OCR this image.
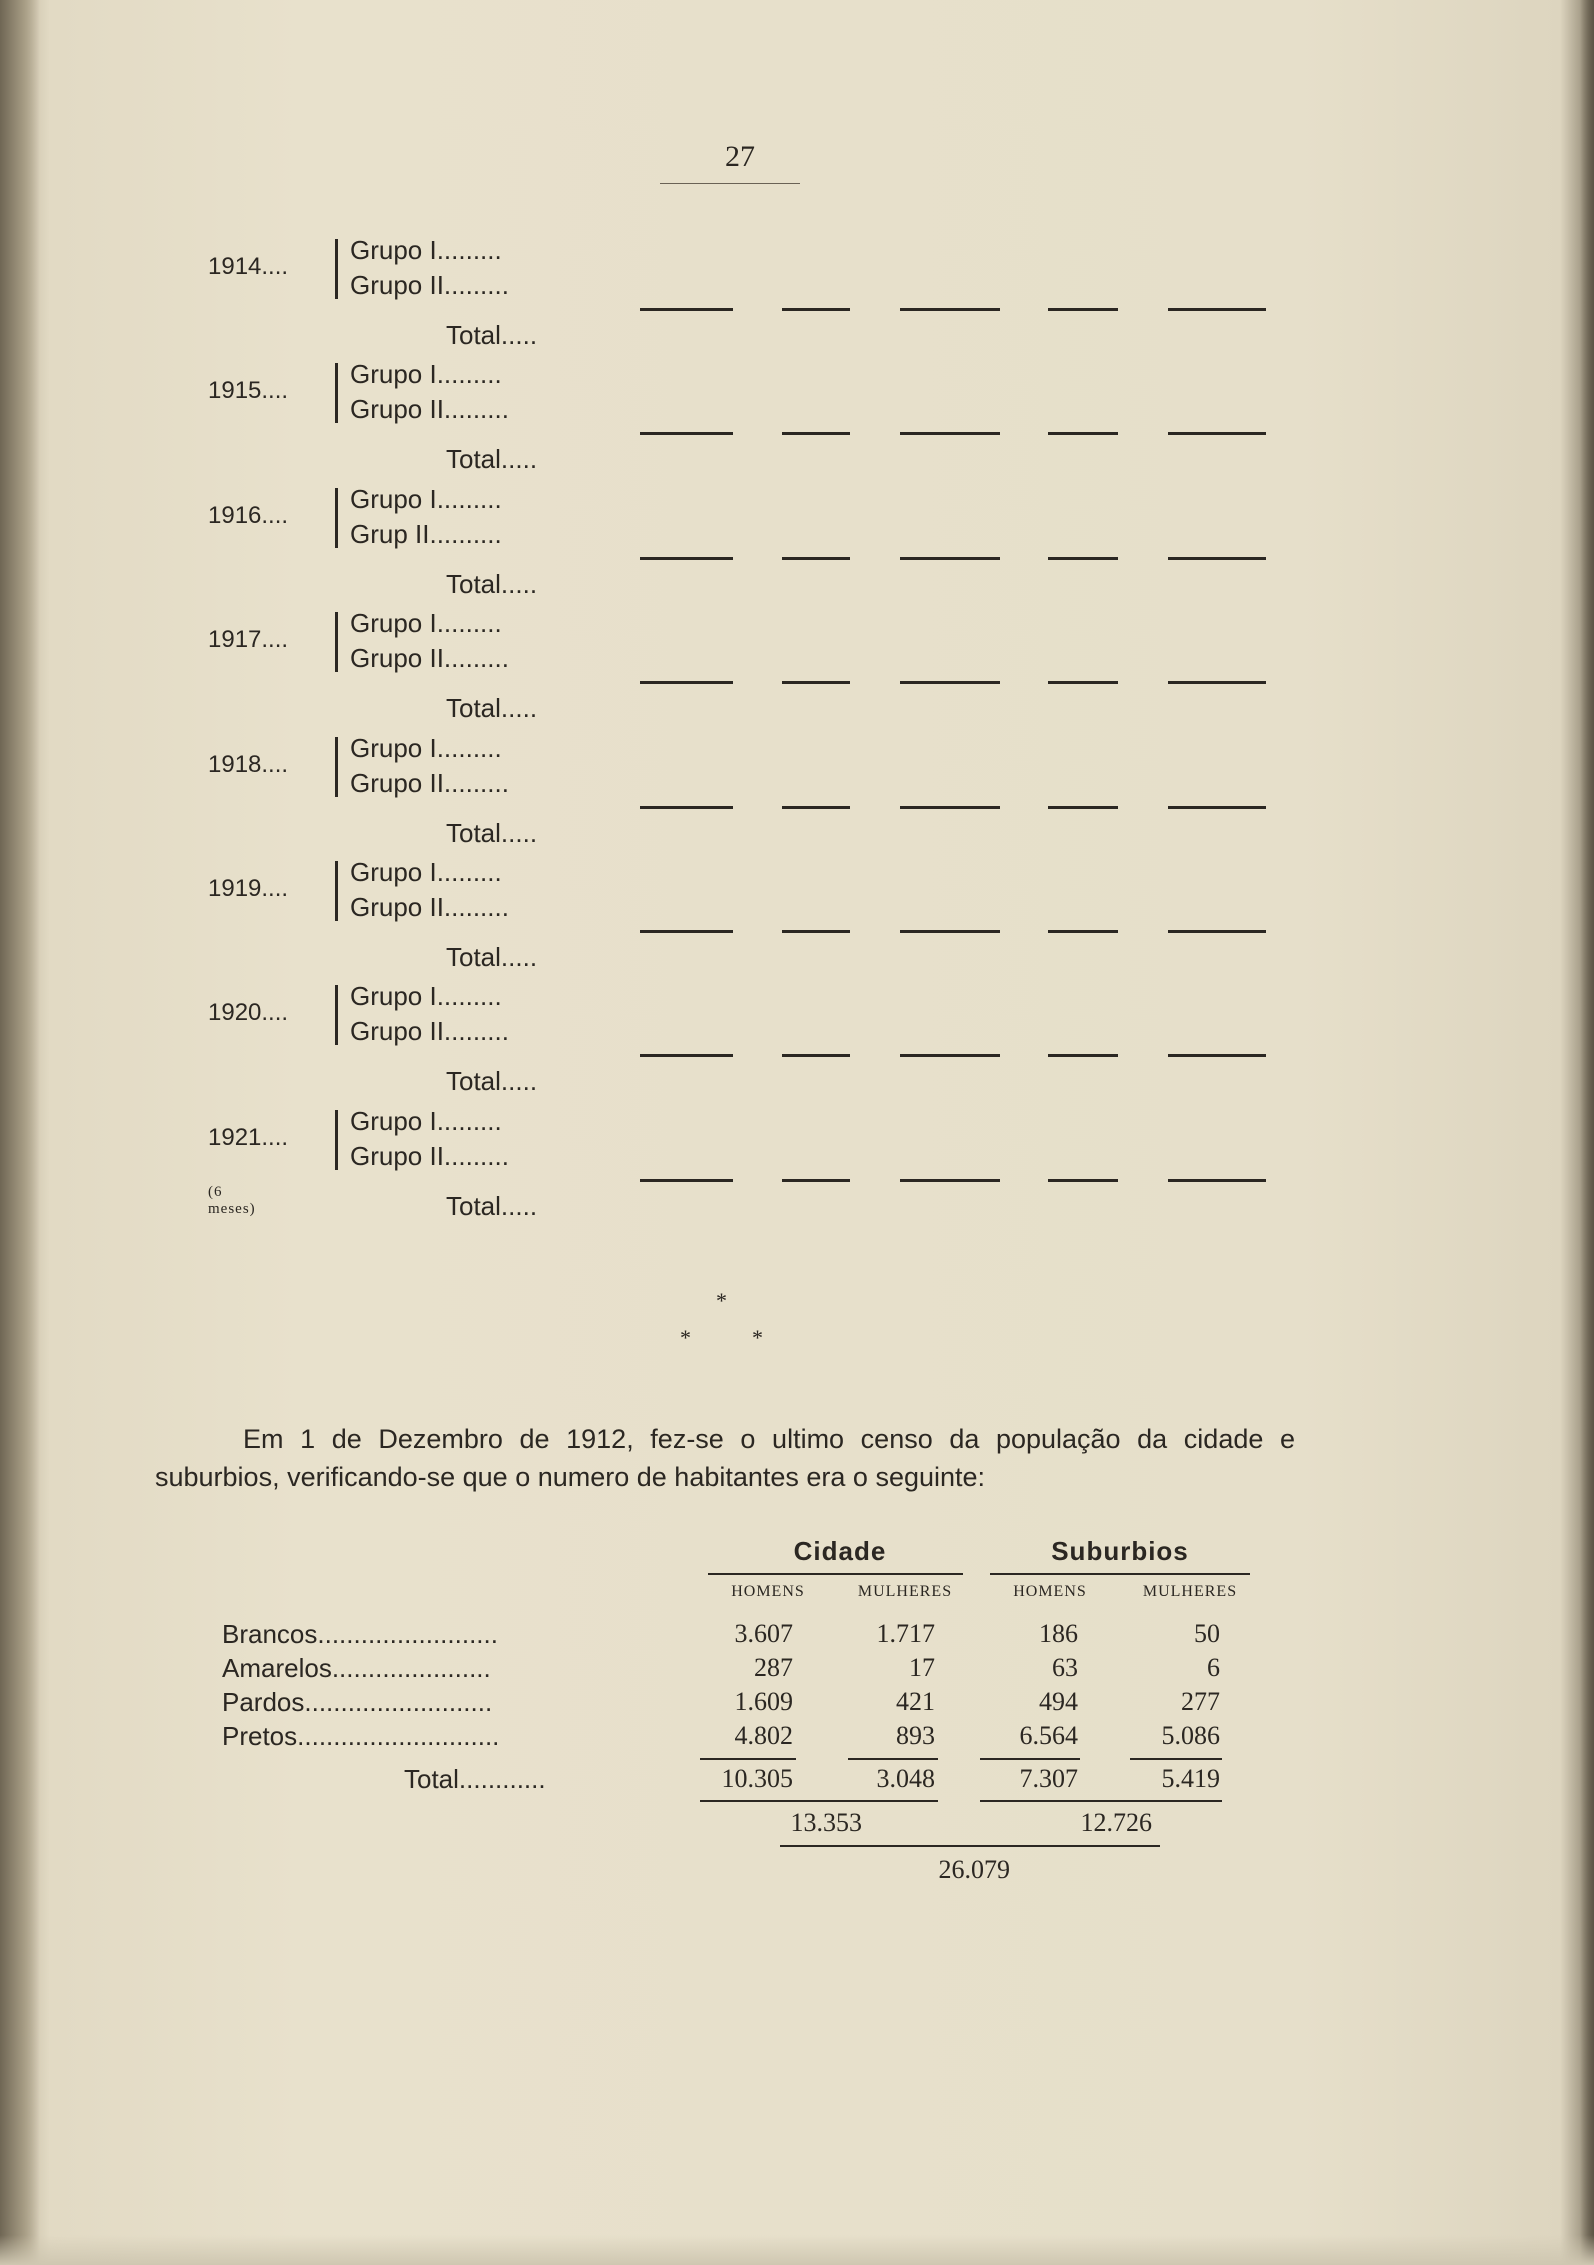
27
1914....
Grupo I.........
Grupo II.........
Total.....
1915....
Grupo I.........
Grupo II.........
Total.....
1916....
Grupo I.........
Grup II..........
Total.....
1917....
Grupo I.........
Grupo II.........
Total.....
1918....
Grupo I.........
Grupo II.........
Total.....
1919....
Grupo I.........
Grupo II.........
Total.....
1920....
Grupo I.........
Grupo II.........
Total.....
1921....
(6 meses)
Grupo I.........
Grupo II.........
Total.....
*
*	*
Em 1 de Dezembro de 1912, fez-se o ultimo censo da população da cidade e suburbios, verificando-se que o numero de habitantes era o seguinte:
Cidade	Suburbios
HOMENS	MULHERES	HOMENS	MULHERES
Brancos.........................	3.607	1.717	186	50
Amarelos......................	287	17	63	6
Pardos..........................	1.609	421	494	277
Pretos............................	4.802	893	6.564	5.086
Total............	10.305	3.048	7.307	5.419
13.353	12.726
26.079
